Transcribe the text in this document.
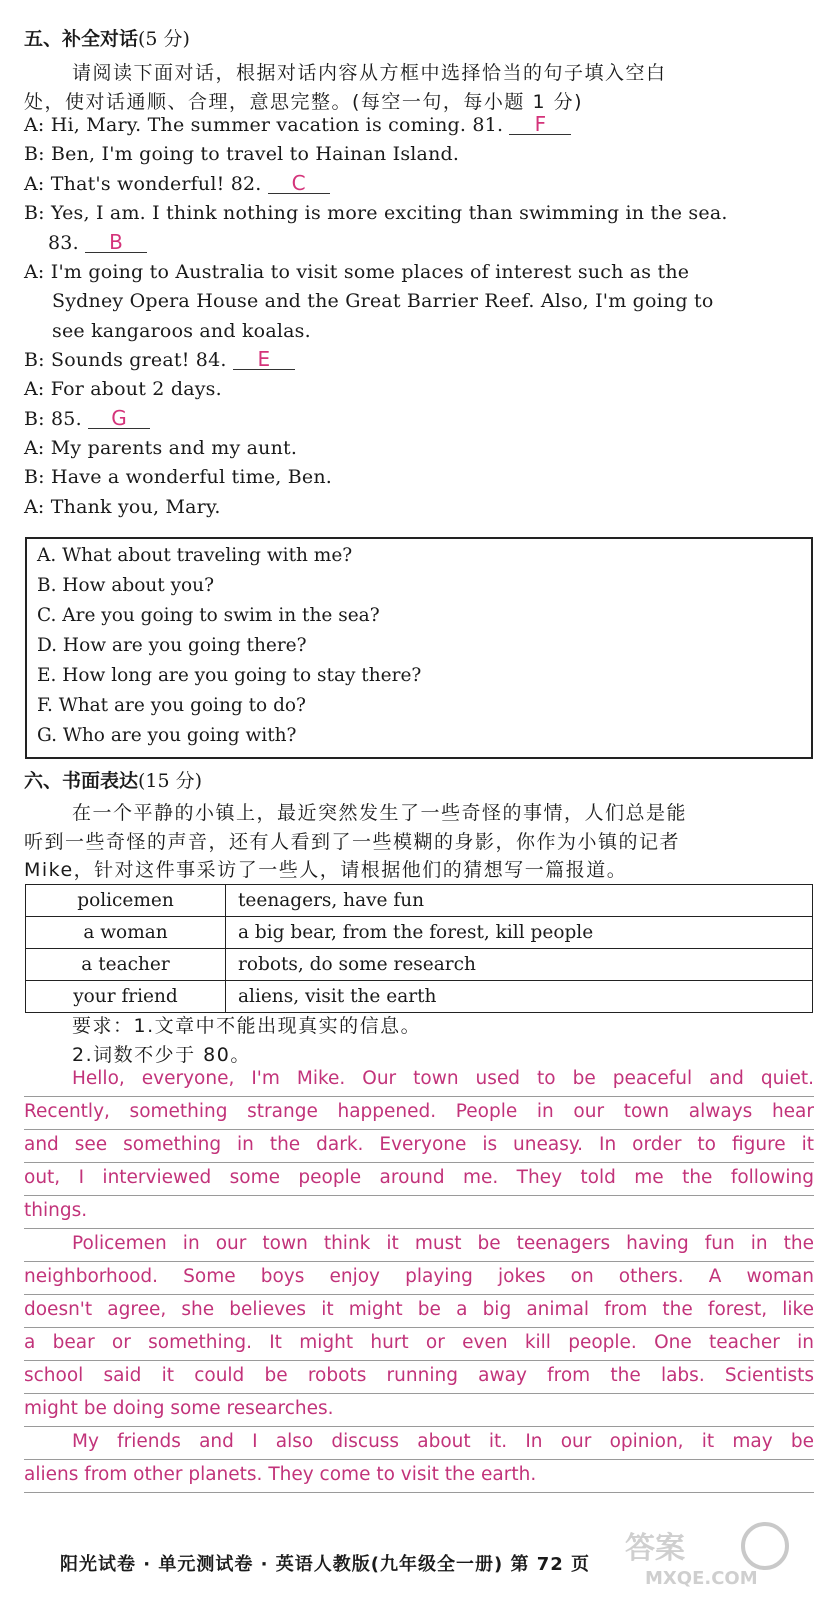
五、补全对话(5 分)
请阅读下面对话，根据对话内容从方框中选择恰当的句子填入空白
处，使对话通顺、合理，意思完整。(每空一句，每小题 1 分)
A: Hi, Mary. The summer vacation is coming. 81. F
B: Ben, I'm going to travel to Hainan Island.
A: That's wonderful! 82. C
B: Yes, I am. I think nothing is more exciting than swimming in the sea.
83. B
A: I'm going to Australia to visit some places of interest such as the
Sydney Opera House and the Great Barrier Reef. Also, I'm going to
see kangaroos and koalas.
B: Sounds great! 84. E
A: For about 2 days.
B: 85. G
A: My parents and my aunt.
B: Have a wonderful time, Ben.
A: Thank you, Mary.
A. What about traveling with me?
B. How about you?
C. Are you going to swim in the sea?
D. How are you going there?
E. How long are you going to stay there?
F. What are you going to do?
G. Who are you going with?
六、书面表达(15 分)
在一个平静的小镇上，最近突然发生了一些奇怪的事情，人们总是能
听到一些奇怪的声音，还有人看到了一些模糊的身影，你作为小镇的记者
Mike，针对这件事采访了一些人，请根据他们的猜想写一篇报道。
policemen	teenagers, have fun
a woman	a big bear, from the forest, kill people
a teacher	robots, do some research
your friend	aliens, visit the earth
要求：1.文章中不能出现真实的信息。
2.词数不少于 80。
Hello, everyone, I'm Mike. Our town used to be peaceful and quiet.
Recently, something strange happened. People in our town always hear
and see something in the dark. Everyone is uneasy. In order to figure it
out, I interviewed some people around me. They told me the following
things.
Policemen in our town think it must be teenagers having fun in the
neighborhood. Some boys enjoy playing jokes on others. A woman
doesn't agree, she believes it might be a big animal from the forest, like
a bear or something. It might hurt or even kill people. One teacher in
school said it could be robots running away from the labs. Scientists
might be doing some researches.
My friends and I also discuss about it. In our opinion, it may be
aliens from other planets. They come to visit the earth.
阳光试卷 · 单元测试卷 · 英语人教版(九年级全一册) 第 72 页 答案
MXQE.COM
